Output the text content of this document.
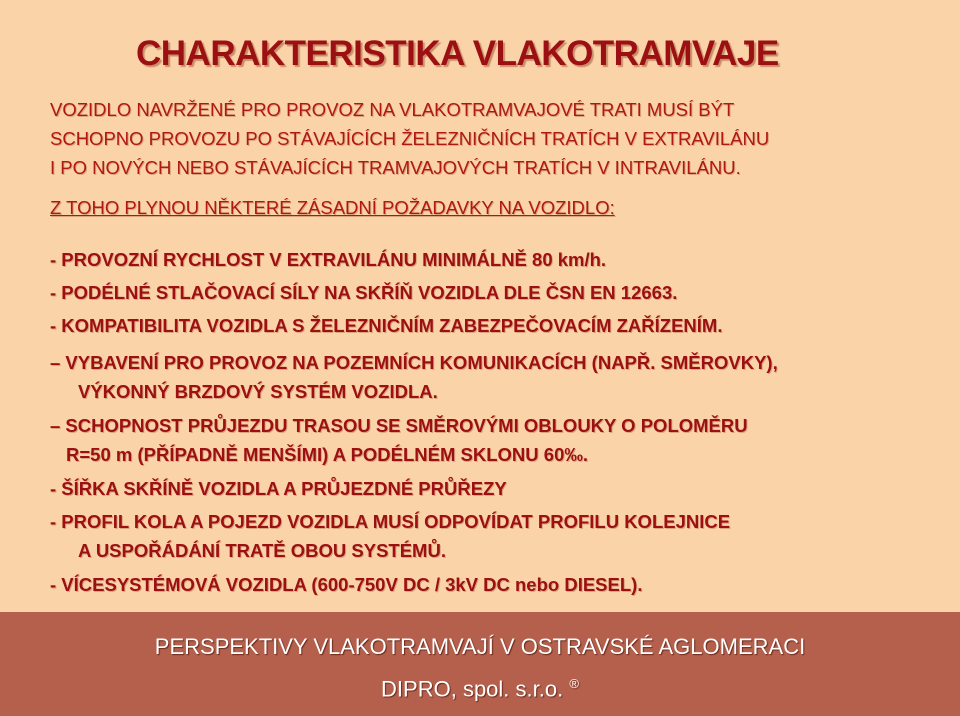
CHARAKTERISTIKA VLAKOTRAMVAJE
VOZIDLO NAVRŽENÉ PRO PROVOZ NA VLAKOTRAMVAJOVÉ TRATI MUSÍ BÝT
SCHOPNO PROVOZU PO STÁVAJÍCÍCH ŽELEZNIČNÍCH TRATÍCH V EXTRAVILÁNU
I PO NOVÝCH NEBO STÁVAJÍCÍCH TRAMVAJOVÝCH TRATÍCH V INTRAVILÁNU.
Z TOHO PLYNOU NĚKTERÉ ZÁSADNÍ POŽADAVKY NA VOZIDLO:
- PROVOZNÍ RYCHLOST V EXTRAVILÁNU MINIMÁLNĚ 80 km/h.
- PODÉLNÉ STLAČOVACÍ SÍLY NA SKŘÍŇ VOZIDLA DLE ČSN EN 12663.
- KOMPATIBILITA VOZIDLA S ŽELEZNIČNÍM ZABEZPEČOVACÍM ZAŘÍZENÍM.
– VYBAVENÍ PRO PROVOZ NA POZEMNÍCH KOMUNIKACÍCH (NAPŘ. SMĚROVKY),
VÝKONNÝ BRZDOVÝ SYSTÉM VOZIDLA.
– SCHOPNOST PRŮJEZDU TRASOU SE SMĚROVÝMI OBLOUKY O POLOMĚRU
R=50 m (PŘÍPADNĚ MENŠÍMI) A PODÉLNÉM SKLONU 60‰.
- ŠÍŘKA SKŘÍNĚ VOZIDLA A PRŮJEZDNÉ PRŮŘEZY
- PROFIL KOLA A POJEZD VOZIDLA MUSÍ ODPOVÍDAT PROFILU KOLEJNICE
A USPOŘÁDÁNÍ TRATĚ OBOU SYSTÉMŮ.
- VÍCESYSTÉMOVÁ VOZIDLA (600-750V DC / 3kV DC nebo DIESEL).
PERSPEKTIVY VLAKOTRAMVAJÍ V OSTRAVSKÉ AGLOMERACI
DIPRO, spol. s.r.o. ®
